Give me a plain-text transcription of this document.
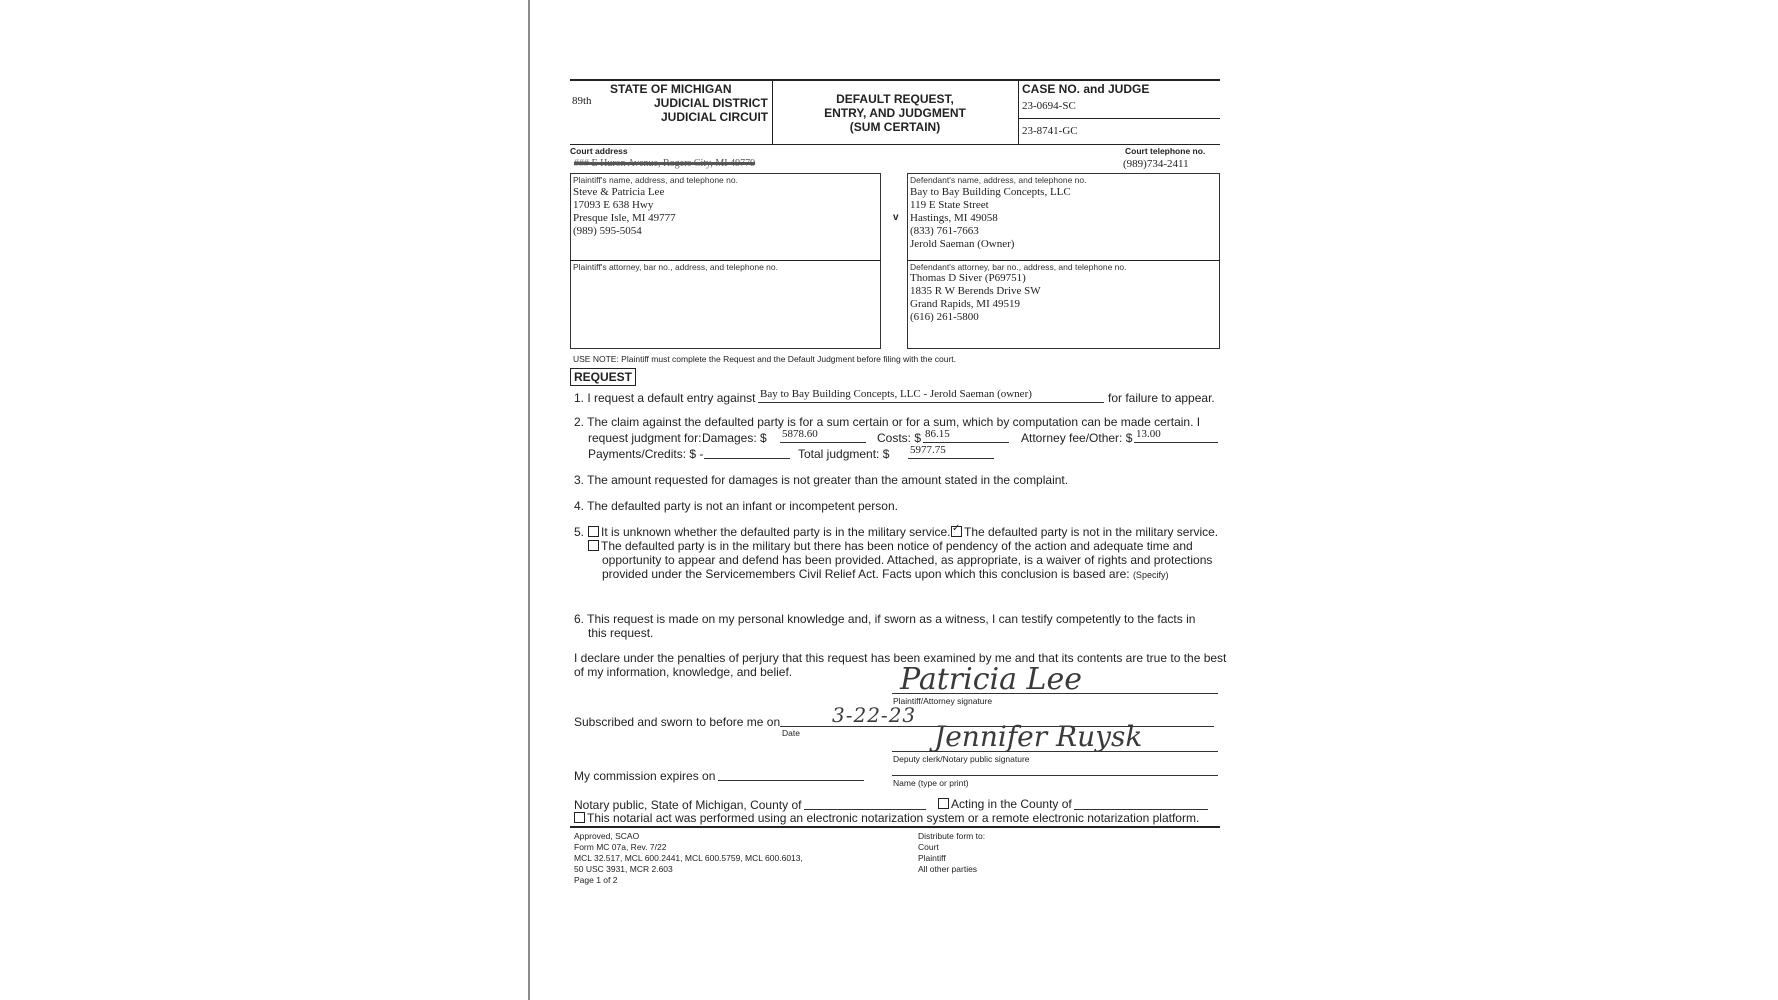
STATE OF MICHIGAN
89th	JUDICIAL DISTRICT
JUDICIAL CIRCUIT
DEFAULT REQUEST,
ENTRY, AND JUDGMENT
(SUM CERTAIN)
CASE NO. and JUDGE
23-0694-SC
23-8741-GC
Court address
### E Huron Avenue, Rogers City, MI 49779
Court telephone no.
(989)734-2411
Plaintiff's name, address, and telephone no.
Steve & Patricia Lee
17093 E 638 Hwy
Presque Isle, MI 49777
(989) 595-5054
Plaintiff's attorney, bar no., address, and telephone no.
v
Defendant's name, address, and telephone no.
Bay to Bay Building Concepts, LLC
119 E State Street
Hastings, MI 49058
(833) 761-7663
Jerold Saeman (Owner)
Defendant's attorney, bar no., address, and telephone no.
Thomas D Siver (P69751)
1835 R W Berends Drive SW
Grand Rapids, MI 49519
(616) 261-5800
USE NOTE: Plaintiff must complete the Request and the Default Judgment before filing with the court.
REQUEST
1. I request a default entry against Bay to Bay Building Concepts, LLC - Jerold Saeman (owner)	for failure to appear.
2. The claim against the defaulted party is for a sum certain or for a sum, which by computation can be made certain. I
request judgment for: Damages: $ 5878.60	Costs: $ 86.15	Attorney fee/Other: $ 13.00
Payments/Credits: $ -	Total judgment: $ 5977.75
3. The amount requested for damages is not greater than the amount stated in the complaint.
4. The defaulted party is not an infant or incompetent person.
5.	It is unknown whether the defaulted party is in the military service.
✓	The defaulted party is not in the military service.
The defaulted party is in the military but there has been notice of pendency of the action and adequate time and
opportunity to appear and defend has been provided. Attached, as appropriate, is a waiver of rights and protections
provided under the Servicemembers Civil Relief Act. Facts upon which this conclusion is based are: (Specify)
6. This request is made on my personal knowledge and, if sworn as a witness, I can testify competently to the facts in
this request.
I declare under the penalties of perjury that this request has been examined by me and that its contents are true to the best
of my information, knowledge, and belief.	Patricia Lee
Plaintiff/Attorney signature
Subscribed and sworn to before me on	3-22-23
Date	Jennifer Ruysk
Deputy clerk/Notary public signature
My commission expires on	Name (type or print)
Notary public, State of Michigan, County of	Acting in the County of
This notarial act was performed using an electronic notarization system or a remote electronic notarization platform.
Approved, SCAO
Form MC 07a, Rev. 7/22
MCL 32.517, MCL 600.2441, MCL 600.5759, MCL 600.6013,
50 USC 3931, MCR 2.603
Page 1 of 2
Distribute form to:
Court
Plaintiff
All other parties
